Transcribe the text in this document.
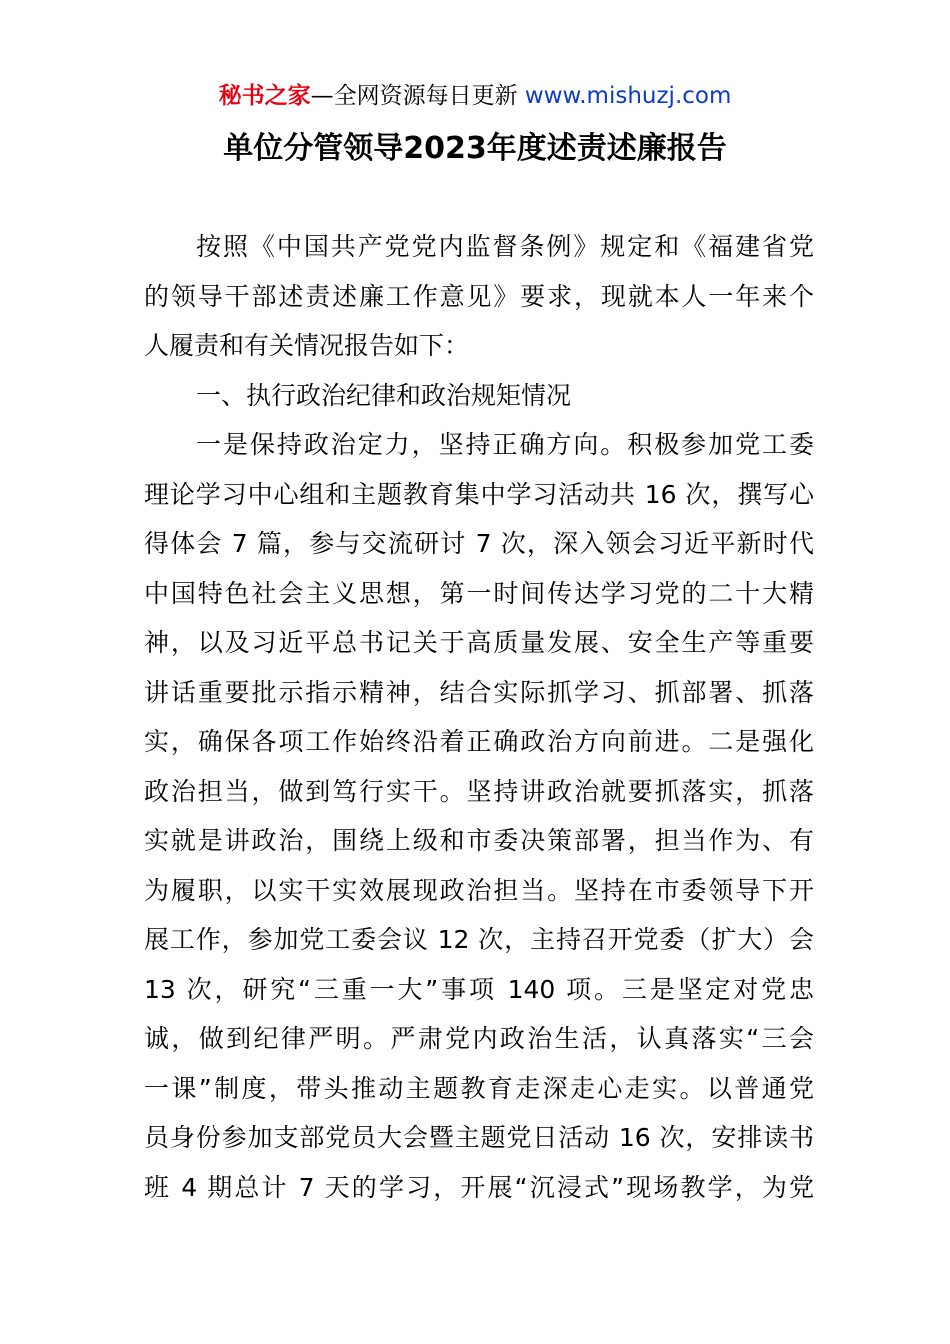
秘书之家—全网资源每日更新 www.mishuzj.com
单位分管领导2023年度述责述廉报告
按照《中国共产党党内监督条例》规定和《福建省党
的领导干部述责述廉工作意见》要求，现就本人一年来个
人履责和有关情况报告如下：
一、执行政治纪律和政治规矩情况
一是保持政治定力，坚持正确方向。积极参加党工委
理论学习中心组和主题教育集中学习活动共 16 次，撰写心
得体会 7 篇，参与交流研讨 7 次，深入领会习近平新时代
中国特色社会主义思想，第一时间传达学习党的二十大精
神，以及习近平总书记关于高质量发展、安全生产等重要
讲话重要批示指示精神，结合实际抓学习、抓部署、抓落
实，确保各项工作始终沿着正确政治方向前进。二是强化
政治担当，做到笃行实干。坚持讲政治就要抓落实，抓落
实就是讲政治，围绕上级和市委决策部署，担当作为、有
为履职，以实干实效展现政治担当。坚持在市委领导下开
展工作，参加党工委会议 12 次，主持召开党委（扩大）会
13 次，研究“三重一大”事项 140 项。三是坚定对党忠
诚，做到纪律严明。严肃党内政治生活，认真落实“三会
一课”制度，带头推动主题教育走深走心走实。以普通党
员身份参加支部党员大会暨主题党日活动 16 次，安排读书
班 4 期总计 7 天的学习，开展“沉浸式”现场教学，为党
